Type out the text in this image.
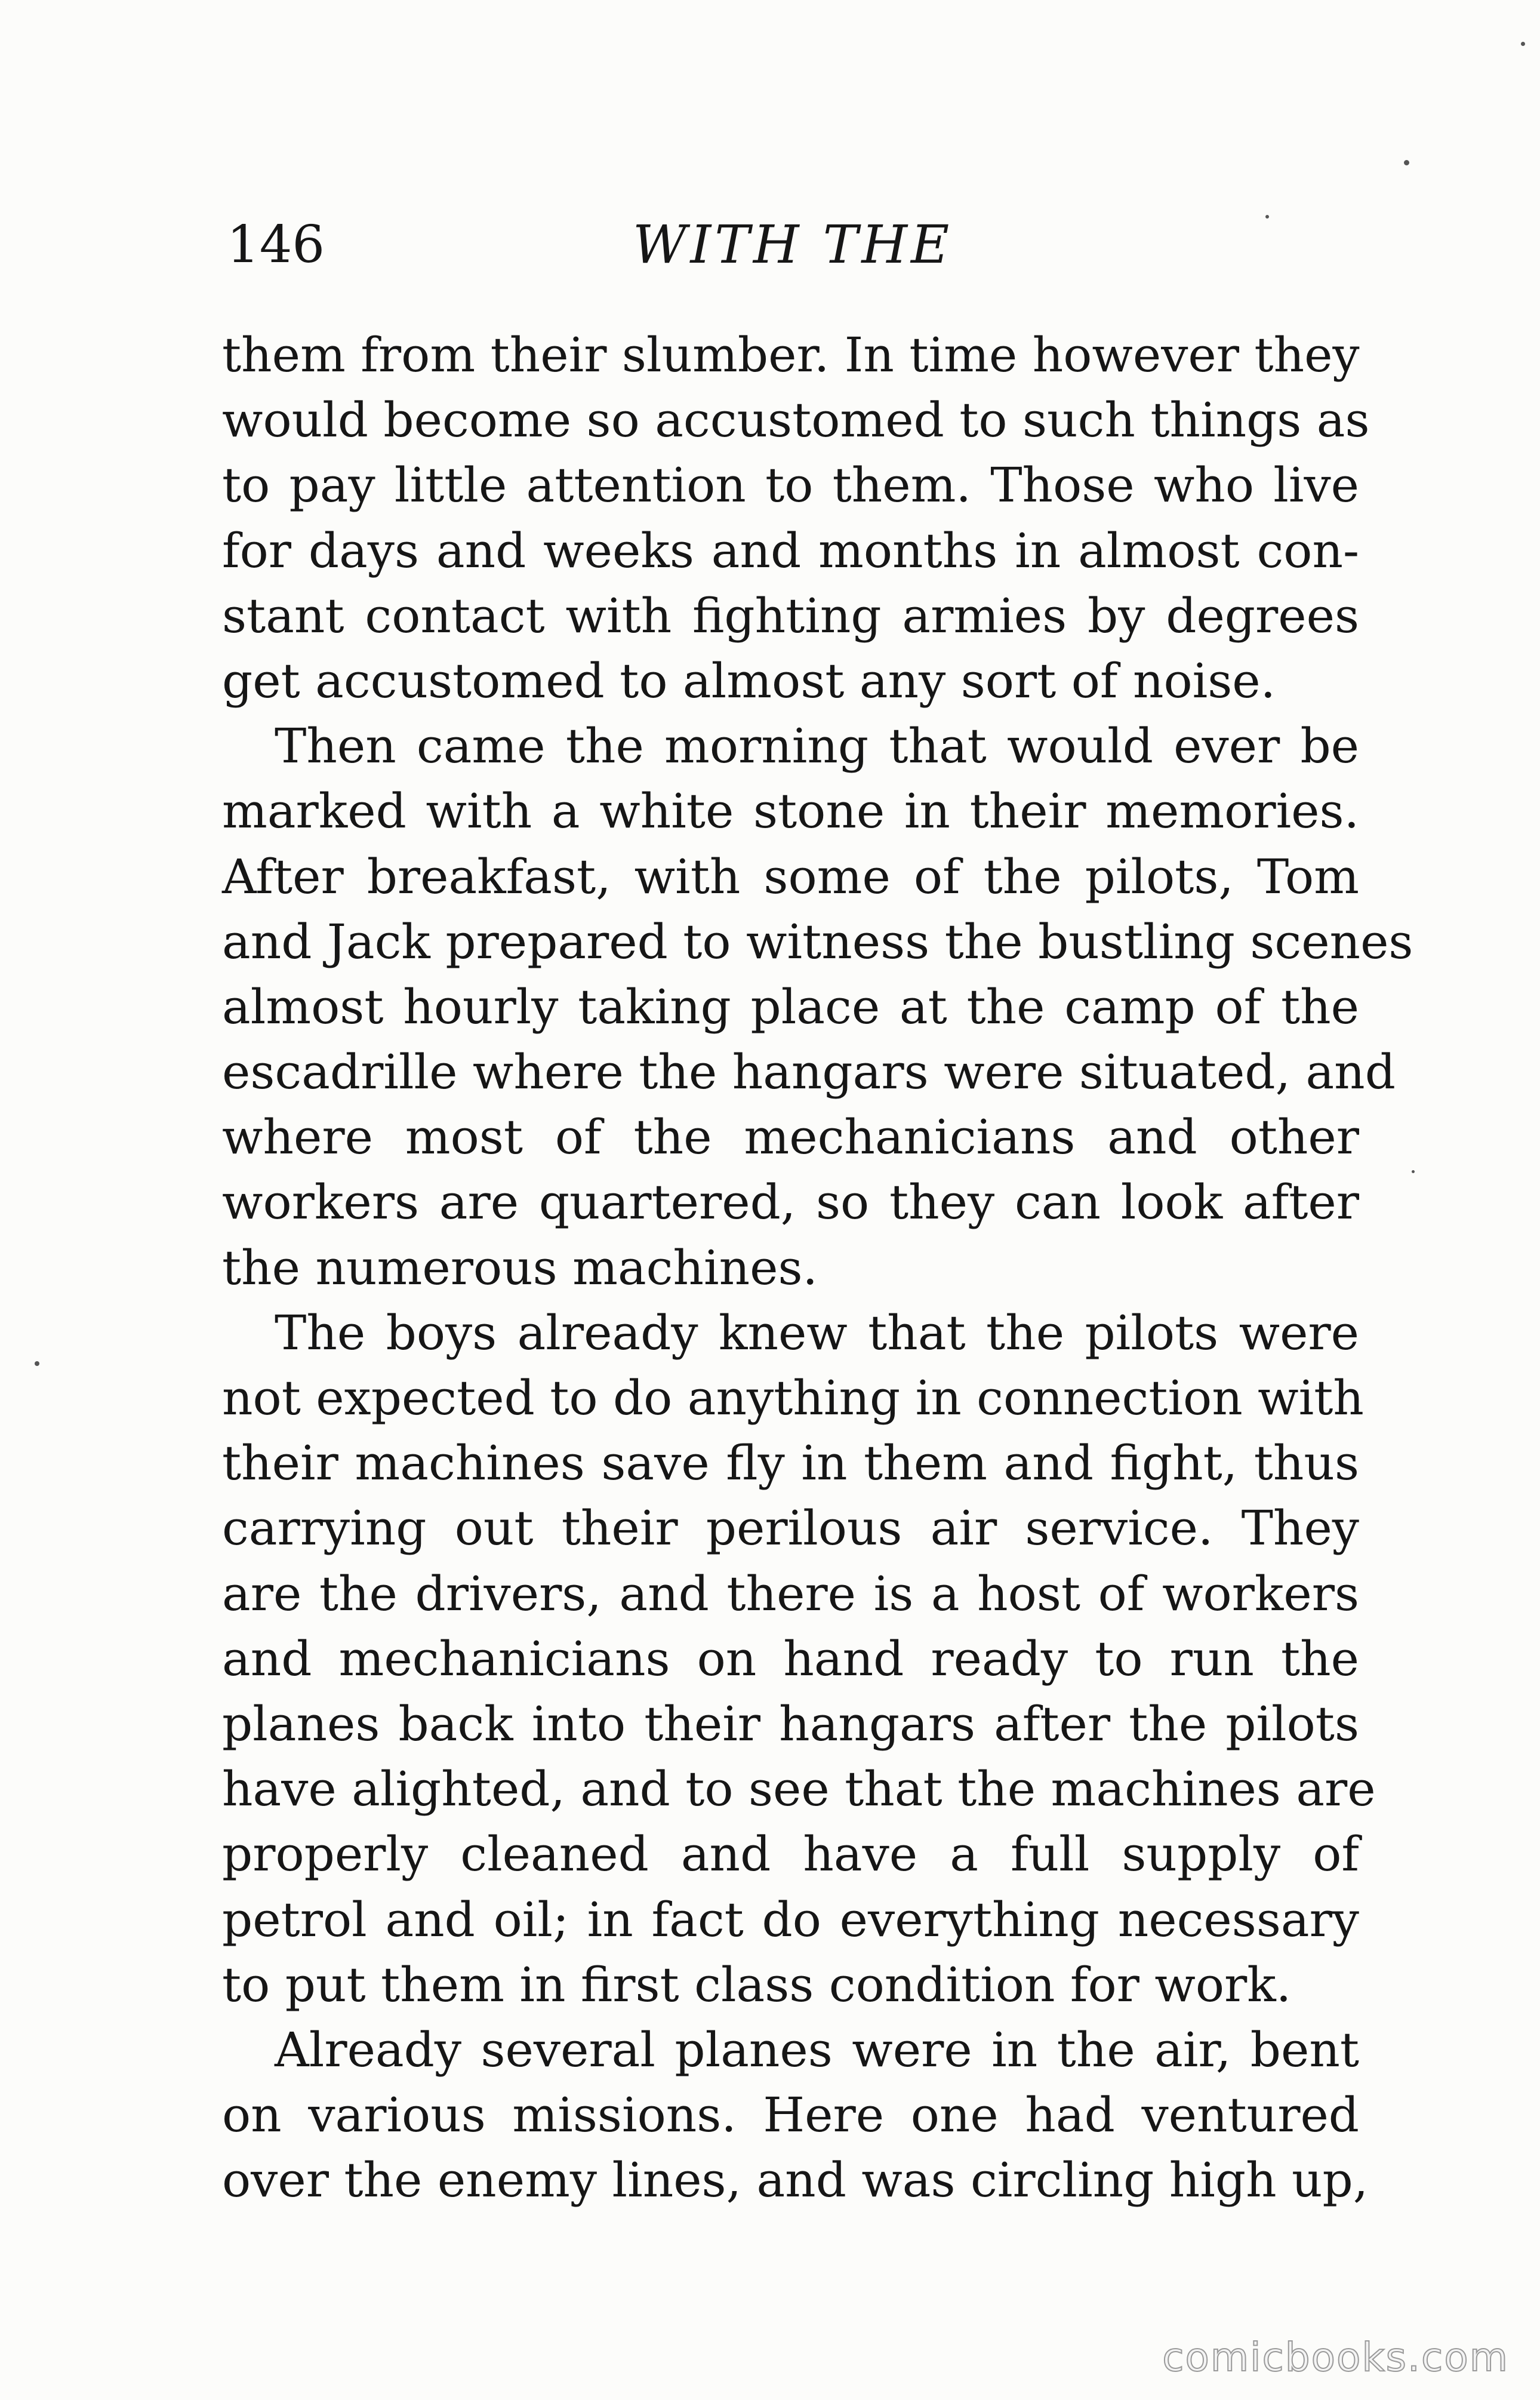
146	WITH THE
them from their slumber. In time however they
would become so accustomed to such things as
to pay little attention to them. Those who live
for days and weeks and months in almost con-
stant contact with fighting armies by degrees
get accustomed to almost any sort of noise.
Then came the morning that would ever be
marked with a white stone in their memories.
After breakfast, with some of the pilots, Tom
and Jack prepared to witness the bustling scenes
almost hourly taking place at the camp of the
escadrille where the hangars were situated, and
where most of the mechanicians and other
workers are quartered, so they can look after
the numerous machines.
The boys already knew that the pilots were
not expected to do anything in connection with
their machines save fly in them and fight, thus
carrying out their perilous air service. They
are the drivers, and there is a host of workers
and mechanicians on hand ready to run the
planes back into their hangars after the pilots
have alighted, and to see that the machines are
properly cleaned and have a full supply of
petrol and oil; in fact do everything necessary
to put them in first class condition for work.
Already several planes were in the air, bent
on various missions. Here one had ventured
over the enemy lines, and was circling high up,
comicbooks.com
